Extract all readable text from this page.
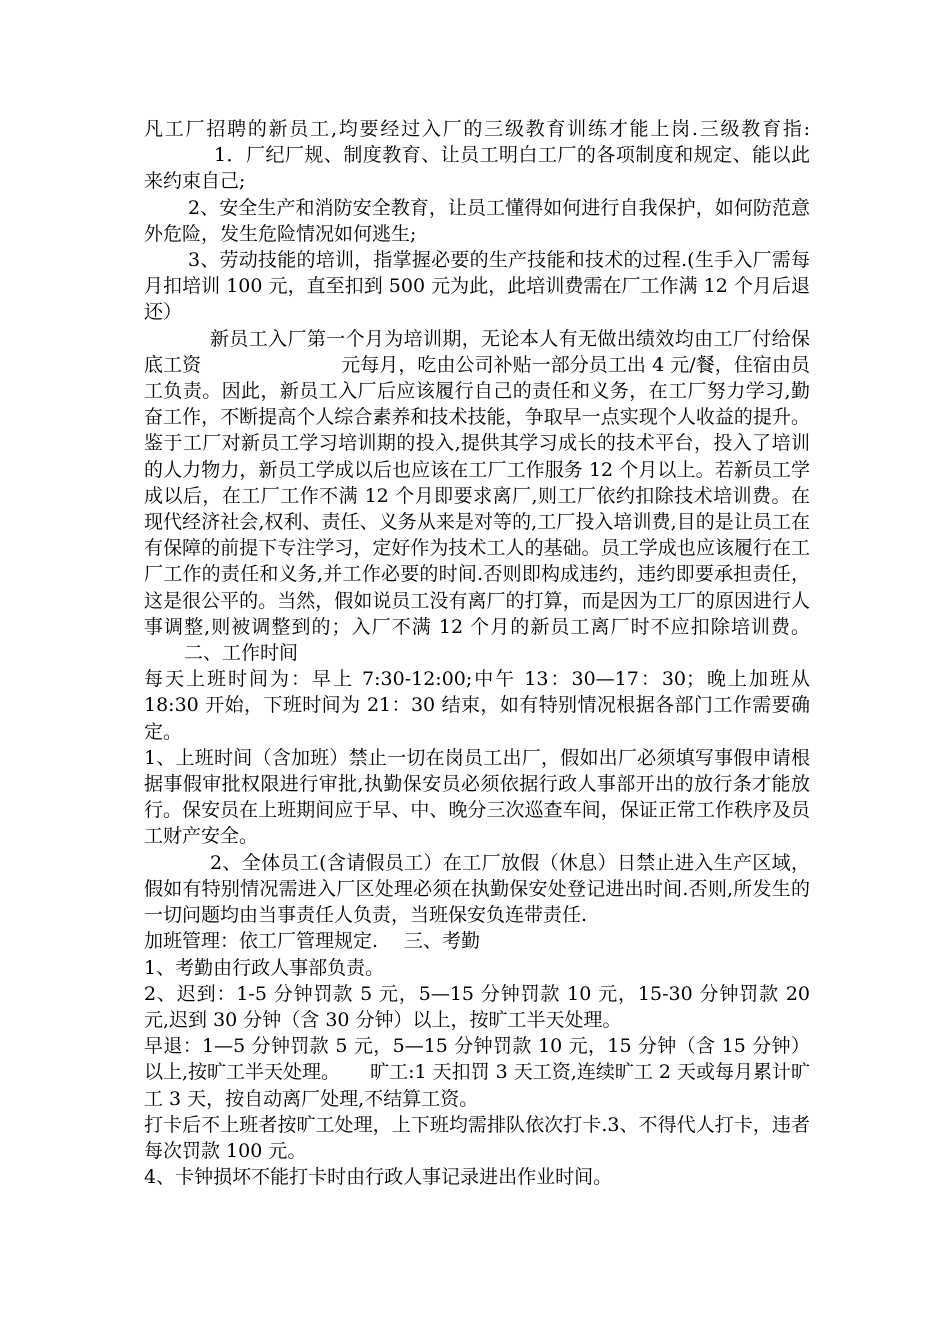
凡工厂招聘的新员工,均要经过入厂的三级教育训练才能上岗.三级教育指:1．厂纪厂规、制度教育、让员工明白工厂的各项制度和规定、能以此来约束自己;

2、安全生产和消防安全教育，让员工懂得如何进行自我保护，如何防范意外危险，发生危险情况如何逃生;

3、劳动技能的培训，指掌握必要的生产技能和技术的过程.(生手入厂需每月扣培训 100 元，直至扣到 500 元为此，此培训费需在厂工作满 12 个月后退还）

新员工入厂第一个月为培训期，无论本人有无做出绩效均由工厂付给保底工资	元每月，吃由公司补贴一部分员工出 4 元/餐，住宿由员工负责。因此，新员工入厂后应该履行自己的责任和义务，在工厂努力学习,勤奋工作，不断提高个人综合素养和技术技能，争取早一点实现个人收益的提升。鉴于工厂对新员工学习培训期的投入,提供其学习成长的技术平台，投入了培训的人力物力，新员工学成以后也应该在工厂工作服务 12 个月以上。若新员工学成以后，在工厂工作不满 12 个月即要求离厂,则工厂依约扣除技术培训费。在现代经济社会,权利、责任、义务从来是对等的,工厂投入培训费,目的是让员工在有保障的前提下专注学习，定好作为技术工人的基础。员工学成也应该履行在工厂工作的责任和义务,并工作必要的时间.否则即构成违约，违约即要承担责任，这是很公平的。当然，假如说员工没有离厂的打算，而是因为工厂的原因进行人事调整,则被调整到的；入厂不满 12 个月的新员工离厂时不应扣除培训费。二、工作时间

每天上班时间为：早上 7:30-12:00;中午 13：30—17：30；晚上加班从 18:30 开始，下班时间为 21：30 结束，如有特别情况根据各部门工作需要确定。

1、上班时间（含加班）禁止一切在岗员工出厂，假如出厂必须填写事假申请根据事假审批权限进行审批,执勤保安员必须依据行政人事部开出的放行条才能放行。保安员在上班期间应于早、中、晚分三次巡查车间，保证正常工作秩序及员工财产安全。

2、全体员工(含请假员工）在工厂放假（休息）日禁止进入生产区域，假如有特别情况需进入厂区处理必须在执勤保安处登记进出时间.否则,所发生的一切问题均由当事责任人负责，当班保安负连带责任.

加班管理：依工厂管理规定. 三、考勤

1、考勤由行政人事部负责。

2、迟到：1-5 分钟罚款 5 元，5—15 分钟罚款 10 元，15-30 分钟罚款 20 元,迟到 30 分钟（含 30 分钟）以上，按旷工半天处理。

早退：1—5 分钟罚款 5 元，5—15 分钟罚款 10 元，15 分钟（含 15 分钟）以上,按旷工半天处理。 旷工:1 天扣罚 3 天工资,连续旷工 2 天或每月累计旷工 3 天，按自动离厂处理,不结算工资。

打卡后不上班者按旷工处理，上下班均需排队依次打卡.3、不得代人打卡，违者每次罚款 100 元。

4、卡钟损坏不能打卡时由行政人事记录进出作业时间。
